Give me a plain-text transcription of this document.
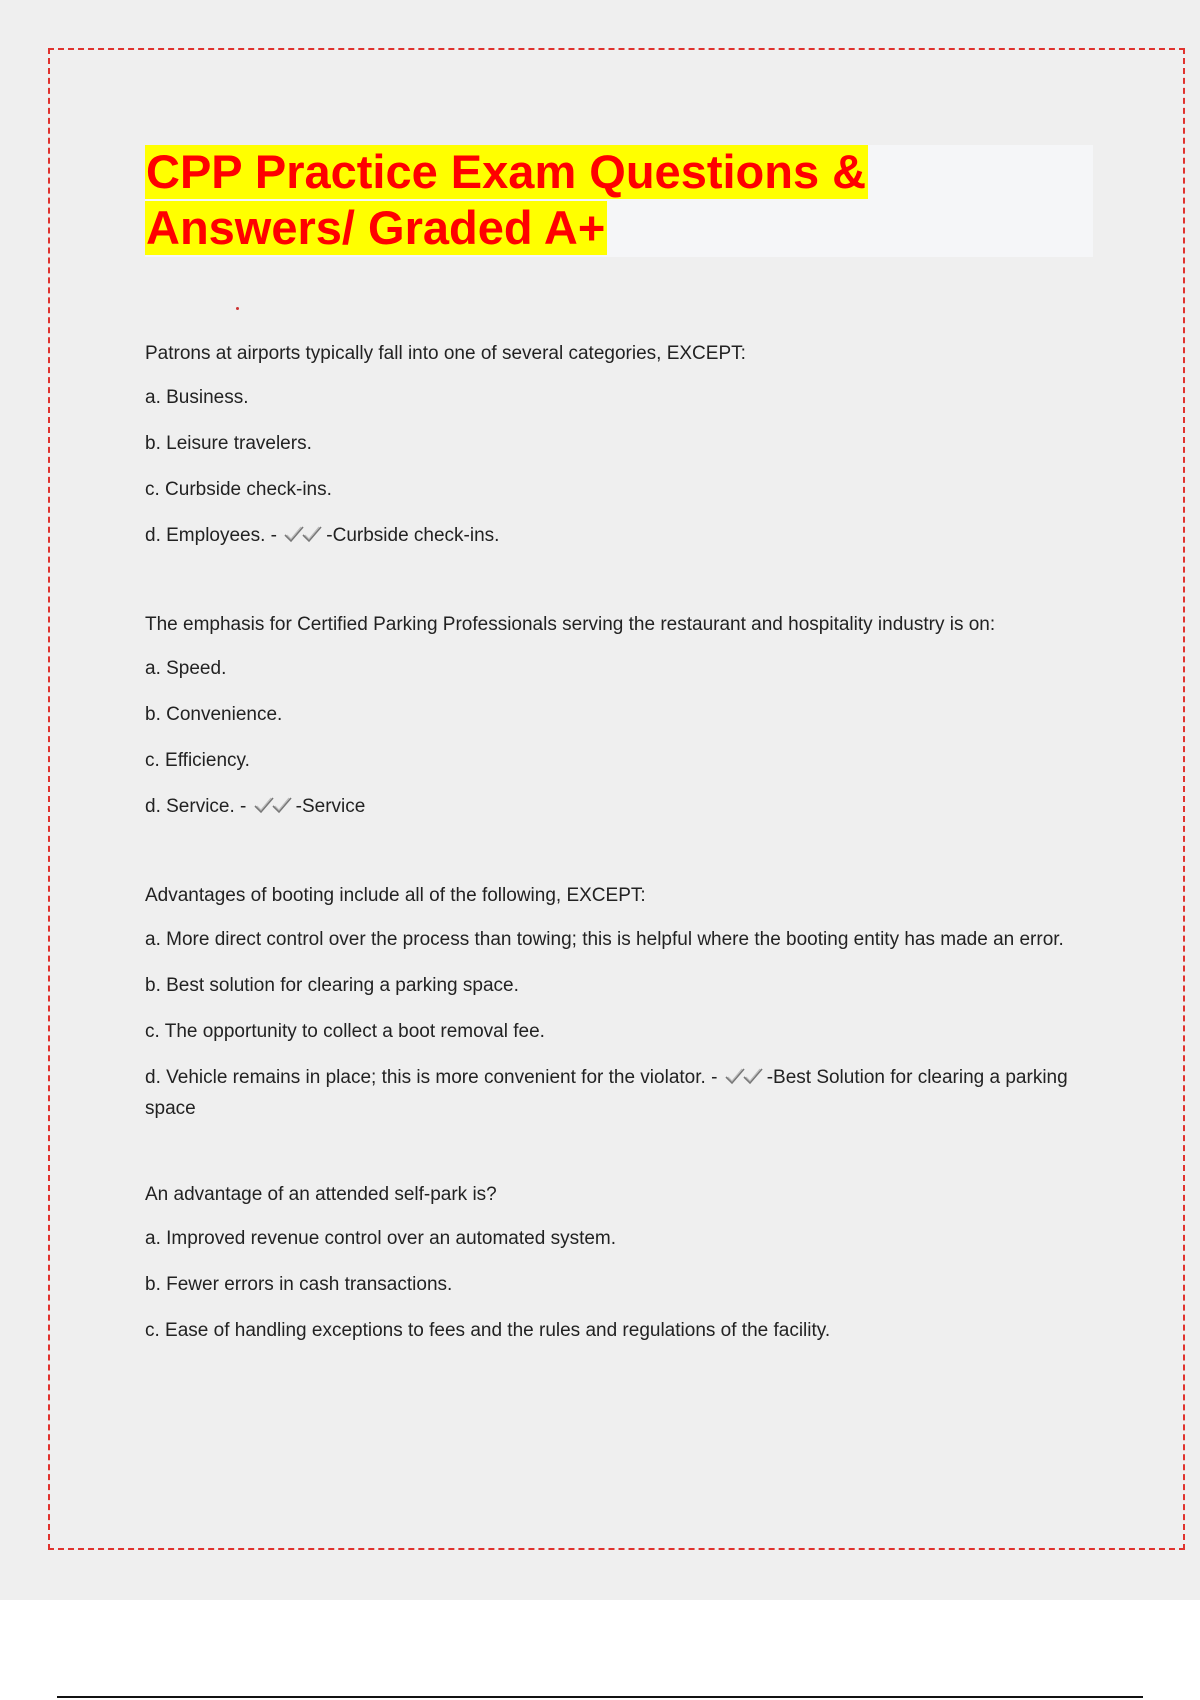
CPP Practice Exam Questions &
Answers/ Graded A+

Patrons at airports typically fall into one of several categories, EXCEPT:

a. Business.

b. Leisure travelers.

c. Curbside check-ins.

d. Employees. -	-Curbside check-ins.

The emphasis for Certified Parking Professionals serving the restaurant and hospitality industry is on:

a. Speed.

b. Convenience.

c. Efficiency.

d. Service. -	-Service

Advantages of booting include all of the following, EXCEPT:

a. More direct control over the process than towing; this is helpful where the booting entity has made an error.

b. Best solution for clearing a parking space.

c. The opportunity to collect a boot removal fee.

d. Vehicle remains in place; this is more convenient for the violator. -	-Best Solution for clearing a parking space

An advantage of an attended self-park is?

a. Improved revenue control over an automated system.

b. Fewer errors in cash transactions.

c. Ease of handling exceptions to fees and the rules and regulations of the facility.
